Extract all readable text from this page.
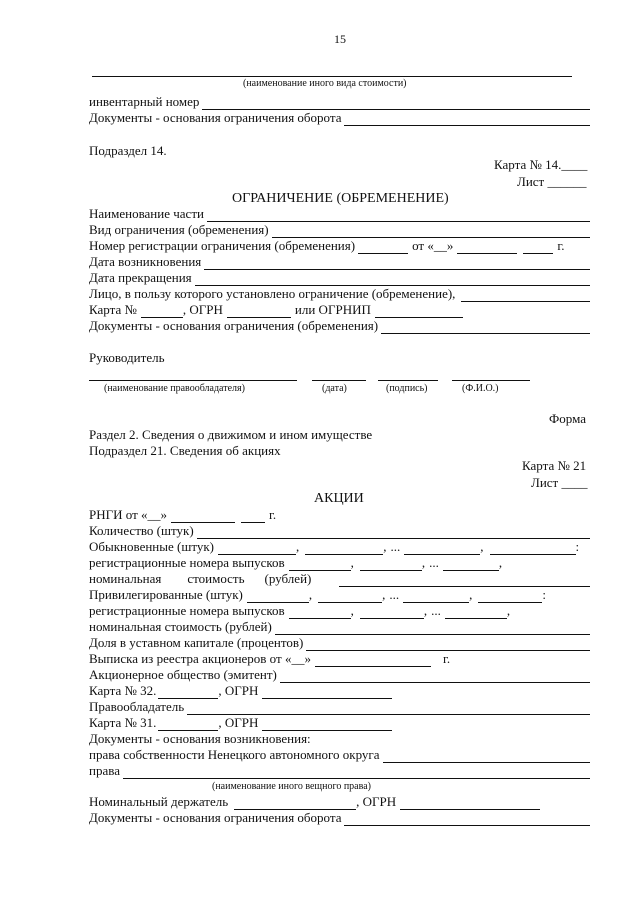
15
(наименование иного вида стоимости)
инвентарный номер
Документы - основания ограничения оборота
Подраздел 14.
Карта № 14.____
Лист ______
ОГРАНИЧЕНИЕ (ОБРЕМЕНЕНИЕ)
Наименование части
Вид ограничения (обременения)
Номер регистрации ограничения (обременения)	от «__»	г.
Дата возникновения
Дата прекращения
Лицо, в пользу которого установлено ограничение (обременение),
Карта №	, ОГРН	или ОГРНИП
Документы - основания ограничения (обременения)
Руководитель
(наименование правообладателя)	(дата)	(подпись)	(Ф.И.О.)
Форма
Раздел 2. Сведения о движимом и ином имуществе
Подраздел 21. Сведения об акциях
Карта № 21
Лист ____
АКЦИИ
РНГИ от «__»	г.
Количество (штук)
Обыкновенные (штук)	,	, ...	,	:
регистрационные номера выпусков	,	, ...	,
номинальная стоимость (рублей)
Привилегированные (штук)	,	, ...	,	:
регистрационные номера выпусков	,	, ...	,
номинальная стоимость (рублей)
Доля в уставном капитале (процентов)
Выписка из реестра акционеров от «__»	г.
Акционерное общество (эмитент)
Карта № 32.	, ОГРН
Правообладатель
Карта № 31.	, ОГРН
Документы - основания возникновения:
права собственности Ненецкого автономного округа
права
(наименование иного вещного права)
Номинальный держатель	, ОГРН
Документы - основания ограничения оборота
